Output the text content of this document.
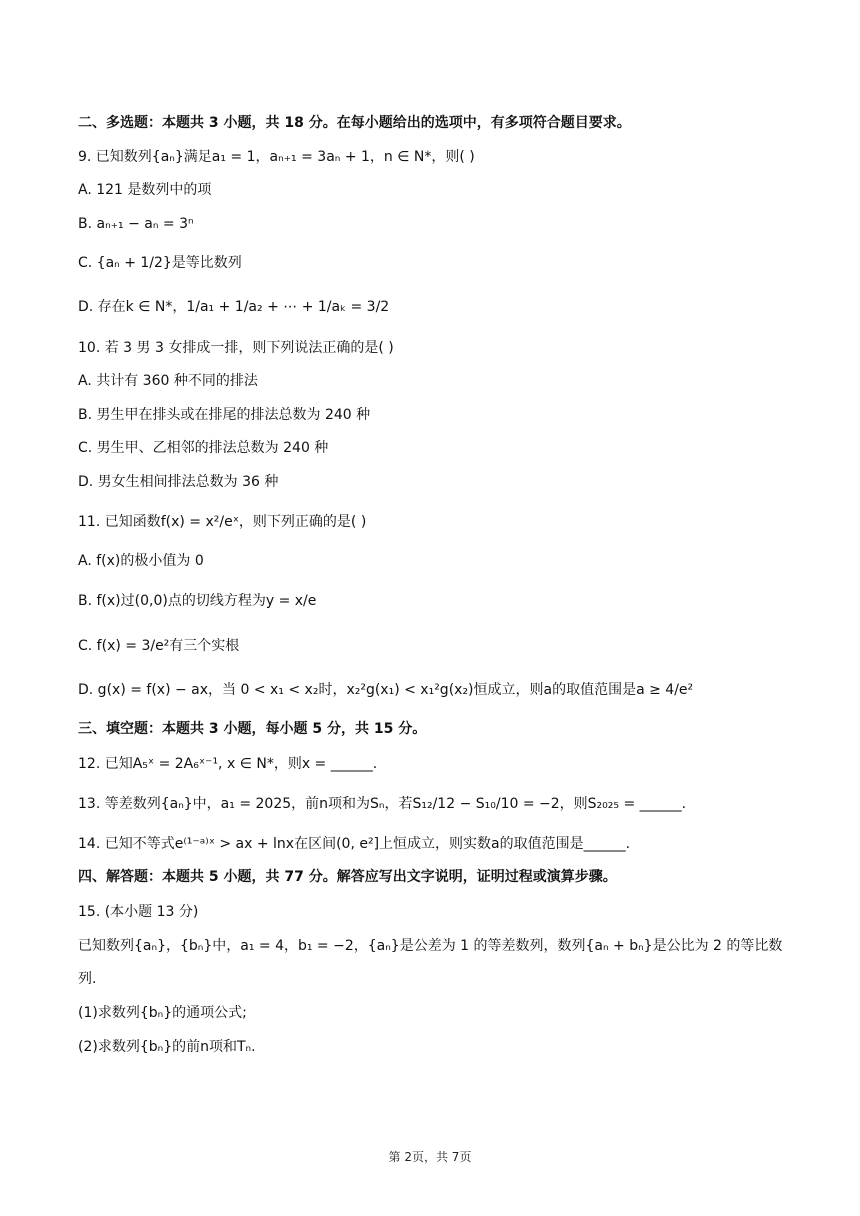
二、多选题：本题共 3 小题，共 18 分。在每小题给出的选项中，有多项符合题目要求。
9. 已知数列{aₙ}满足a₁ = 1，aₙ₊₁ = 3aₙ + 1，n ∈ N*，则( )
A. 121 是数列中的项
B. aₙ₊₁ − aₙ = 3ⁿ
C. {aₙ + 1/2}是等比数列
D. 存在k ∈ N*，1/a₁ + 1/a₂ + ⋯ + 1/aₖ = 3/2
10. 若 3 男 3 女排成一排，则下列说法正确的是( )
A. 共计有 360 种不同的排法
B. 男生甲在排头或在排尾的排法总数为 240 种
C. 男生甲、乙相邻的排法总数为 240 种
D. 男女生相间排法总数为 36 种
11. 已知函数f(x) = x²/eˣ，则下列正确的是( )
A. f(x)的极小值为 0
B. f(x)过(0,0)点的切线方程为y = x/e
C. f(x) = 3/e²有三个实根
D. g(x) = f(x) − ax，当 0 < x₁ < x₂时，x₂²g(x₁) < x₁²g(x₂)恒成立，则a的取值范围是a ≥ 4/e²
三、填空题：本题共 3 小题，每小题 5 分，共 15 分。
12. 已知A₅ˣ = 2A₆ˣ⁻¹, x ∈ N*，则x = ______.
13. 等差数列{aₙ}中，a₁ = 2025，前n项和为Sₙ，若S₁₂/12 − S₁₀/10 = −2，则S₂₀₂₅ = ______.
14. 已知不等式e⁽¹⁻ᵃ⁾ˣ > ax + lnx在区间(0, e²]上恒成立，则实数a的取值范围是______.
四、解答题：本题共 5 小题，共 77 分。解答应写出文字说明，证明过程或演算步骤。
15. (本小题 13 分)
已知数列{aₙ}，{bₙ}中，a₁ = 4，b₁ = −2，{aₙ}是公差为 1 的等差数列，数列{aₙ + bₙ}是公比为 2 的等比数
列.
(1)求数列{bₙ}的通项公式;
(2)求数列{bₙ}的前n项和Tₙ.
第 2页，共 7页
